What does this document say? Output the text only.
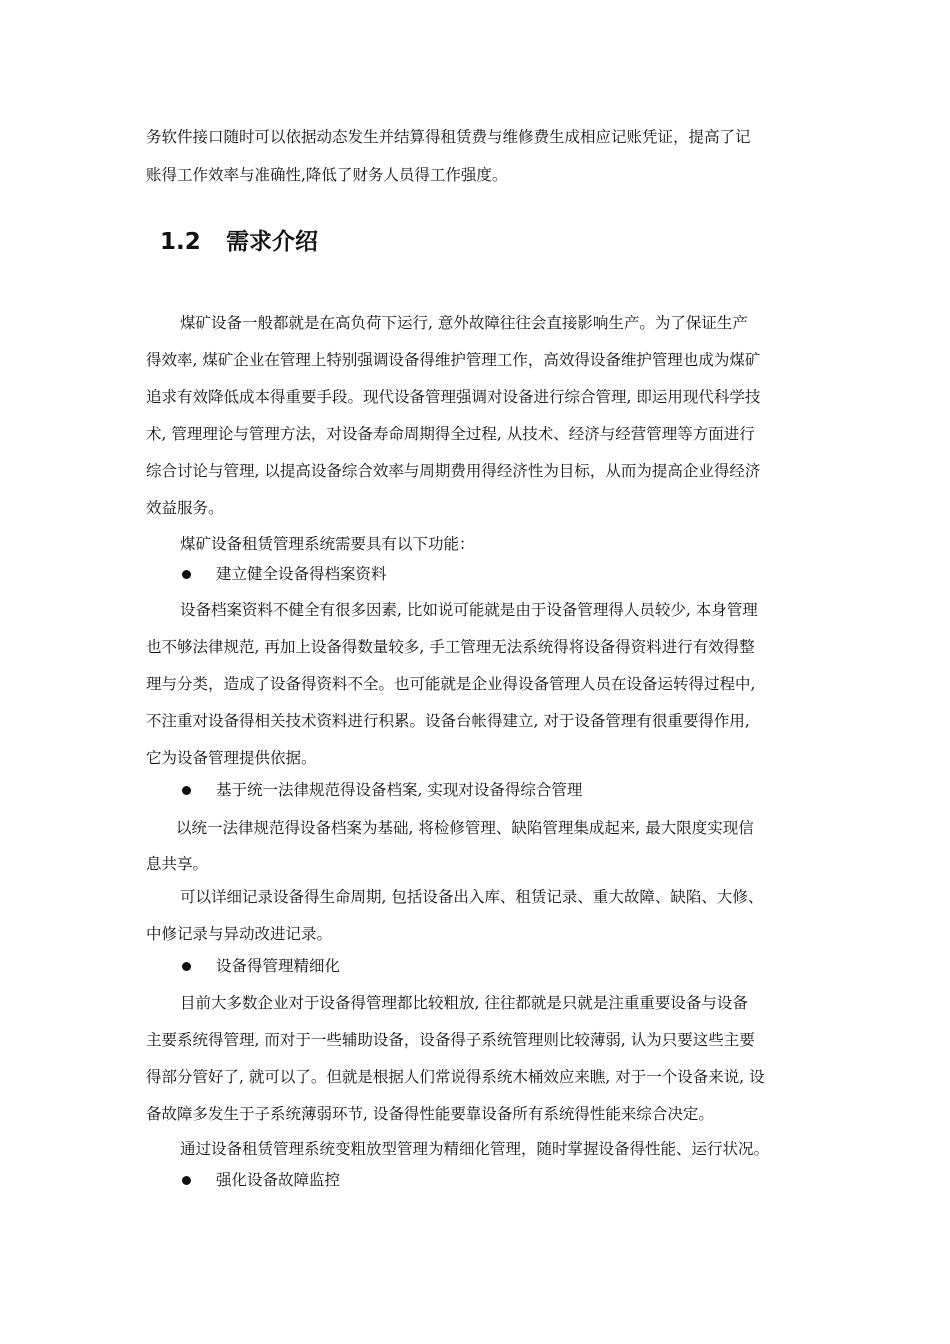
务软件接口随时可以依据动态发生并结算得租赁费与维修费生成相应记账凭证，提高了记
账得工作效率与准确性,降低了财务人员得工作强度。
1.2 需求介绍
煤矿设备一般都就是在高负荷下运行, 意外故障往往会直接影响生产。为了保证生产
得效率, 煤矿企业在管理上特别强调设备得维护管理工作，高效得设备维护管理也成为煤矿
追求有效降低成本得重要手段。现代设备管理强调对设备进行综合管理, 即运用现代科学技
术, 管理理论与管理方法，对设备寿命周期得全过程, 从技术、经济与经营管理等方面进行
综合讨论与管理, 以提高设备综合效率与周期费用得经济性为目标，从而为提高企业得经济
效益服务。
煤矿设备租赁管理系统需要具有以下功能：
建立健全设备得档案资料
设备档案资料不健全有很多因素, 比如说可能就是由于设备管理得人员较少, 本身管理
也不够法律规范, 再加上设备得数量较多, 手工管理无法系统得将设备得资料进行有效得整
理与分类，造成了设备得资料不全。也可能就是企业得设备管理人员在设备运转得过程中,
不注重对设备得相关技术资料进行积累。设备台帐得建立, 对于设备管理有很重要得作用,
它为设备管理提供依据。
基于统一法律规范得设备档案, 实现对设备得综合管理
以统一法律规范得设备档案为基础, 将检修管理、缺陷管理集成起来, 最大限度实现信
息共享。
可以详细记录设备得生命周期, 包括设备出入库、租赁记录、重大故障、缺陷、大修、
中修记录与异动改进记录。
设备得管理精细化
目前大多数企业对于设备得管理都比较粗放, 往往都就是只就是注重重要设备与设备
主要系统得管理, 而对于一些辅助设备，设备得子系统管理则比较薄弱, 认为只要这些主要
得部分管好了, 就可以了。但就是根据人们常说得系统木桶效应来瞧, 对于一个设备来说, 设
备故障多发生于子系统薄弱环节, 设备得性能要靠设备所有系统得性能来综合决定。
通过设备租赁管理系统变粗放型管理为精细化管理，随时掌握设备得性能、运行状况。
强化设备故障监控
